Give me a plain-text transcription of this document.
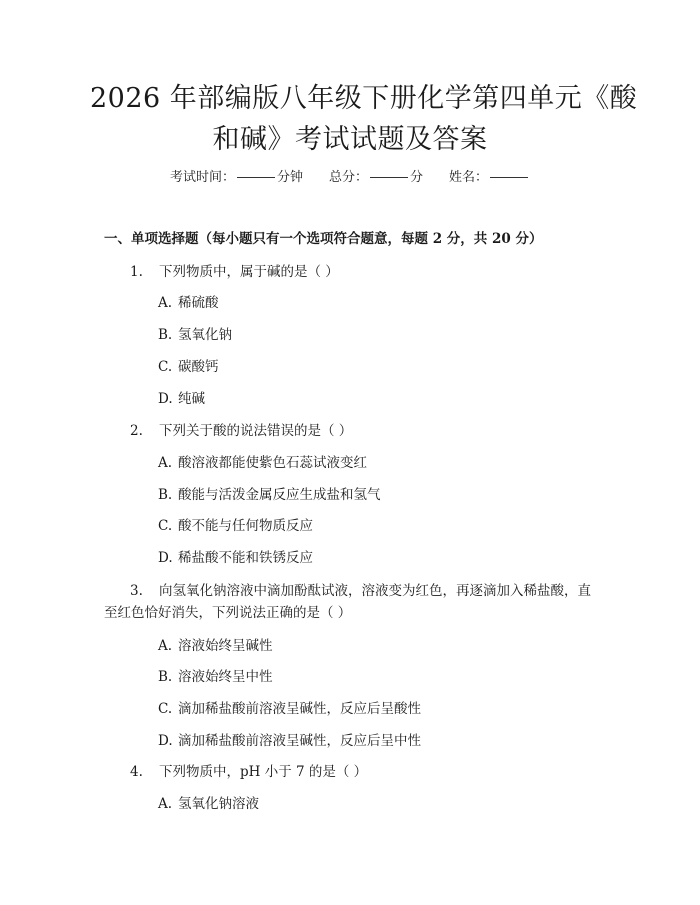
2026 年部编版八年级下册化学第四单元《酸
和碱》考试试题及答案
考试时间：	分钟 总分：	分 姓名：
一、单项选择题（每小题只有一个选项符合题意，每题 2 分，共 20 分）
1. 下列物质中，属于碱的是（ ）
A. 稀硫酸
B. 氢氧化钠
C. 碳酸钙
D. 纯碱
2. 下列关于酸的说法错误的是（ ）
A. 酸溶液都能使紫色石蕊试液变红
B. 酸能与活泼金属反应生成盐和氢气
C. 酸不能与任何物质反应
D. 稀盐酸不能和铁锈反应
3. 向氢氧化钠溶液中滴加酚酞试液，溶液变为红色，再逐滴加入稀盐酸，直
至红色恰好消失，下列说法正确的是（ ）
A. 溶液始终呈碱性
B. 溶液始终呈中性
C. 滴加稀盐酸前溶液呈碱性，反应后呈酸性
D. 滴加稀盐酸前溶液呈碱性，反应后呈中性
4. 下列物质中，pH 小于 7 的是（ ）
A. 氢氧化钠溶液
